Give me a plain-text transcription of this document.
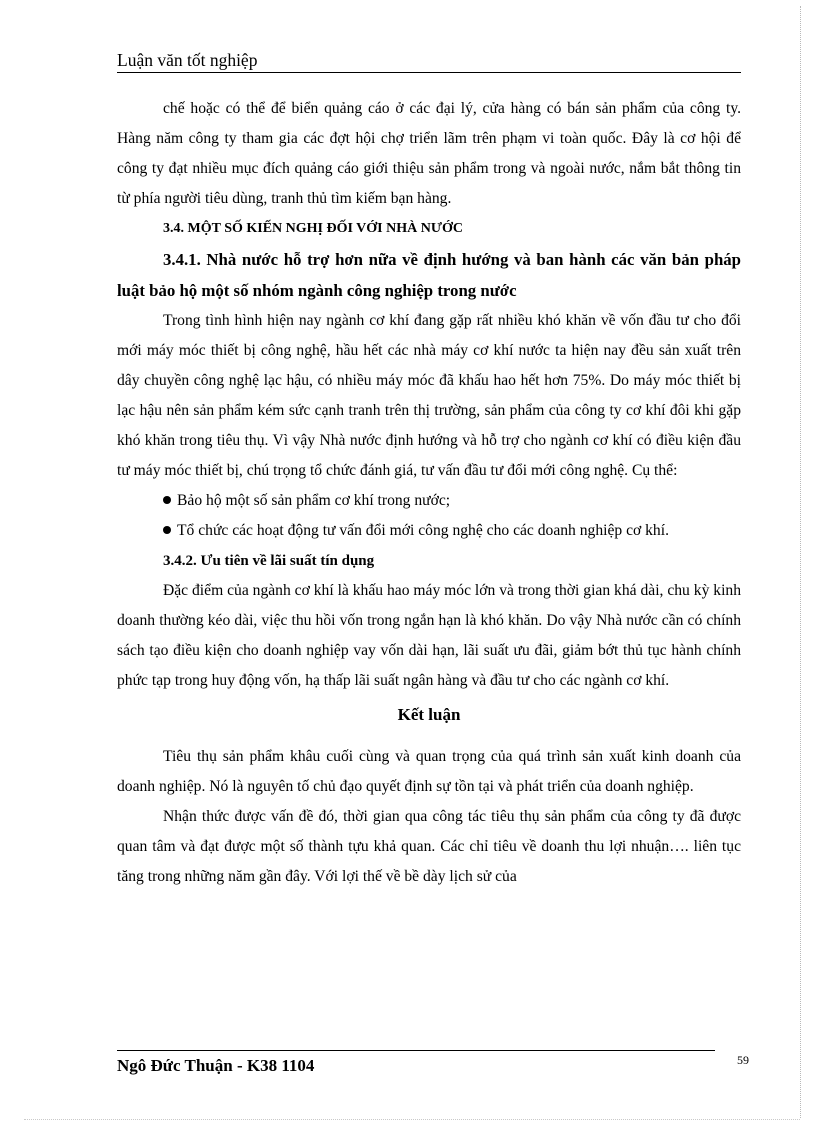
Luận văn tốt nghiệp

chế hoặc có thể để biển quảng cáo ở các đại lý, cửa hàng có bán sản phẩm của công ty. Hàng năm công ty tham gia các đợt hội chợ triển lãm trên phạm vi toàn quốc. Đây là cơ hội để công ty đạt nhiều mục đích quảng cáo giới thiệu sản phẩm trong và ngoài nước, nắm bắt thông tin từ phía người tiêu dùng, tranh thủ tìm kiếm bạn hàng.

3.4. MỘT SỐ KIẾN NGHỊ ĐỐI VỚI NHÀ NƯỚC

3.4.1. Nhà nước hỗ trợ hơn nữa về định hướng và ban hành các văn bản pháp luật bảo hộ một số nhóm ngành công nghiệp trong nước

Trong tình hình hiện nay ngành cơ khí đang gặp rất nhiều khó khăn về vốn đầu tư cho đổi mới máy móc thiết bị công nghệ, hầu hết các nhà máy cơ khí nước ta hiện nay đều sản xuất trên dây chuyền công nghệ lạc hậu, có nhiều máy móc đã khấu hao hết hơn 75%. Do máy móc thiết bị lạc hậu nên sản phẩm kém sức cạnh tranh trên thị trường, sản phẩm của công ty cơ khí đôi khi gặp khó khăn trong tiêu thụ. Vì vậy Nhà nước định hướng và hỗ trợ cho ngành cơ khí có điều kiện đầu tư máy móc thiết bị, chú trọng tổ chức đánh giá, tư vấn đầu tư đổi mới công nghệ. Cụ thể:

Bảo hộ một số sản phẩm cơ khí trong nước;

Tổ chức các hoạt động tư vấn đổi mới công nghệ cho các doanh nghiệp cơ khí.

3.4.2. Ưu tiên về lãi suất tín dụng

Đặc điểm của ngành cơ khí là khấu hao máy móc lớn và trong thời gian khá dài, chu kỳ kinh doanh thường kéo dài, việc thu hồi vốn trong ngắn hạn là khó khăn. Do vậy Nhà nước cần có chính sách tạo điều kiện cho doanh nghiệp vay vốn dài hạn, lãi suất ưu đãi, giảm bớt thủ tục hành chính phức tạp trong huy động vốn, hạ thấp lãi suất ngân hàng và đầu tư cho các ngành cơ khí.

Kết luận

Tiêu thụ sản phẩm khâu cuối cùng và quan trọng của quá trình sản xuất kinh doanh của doanh nghiệp. Nó là nguyên tố chủ đạo quyết định sự tồn tại và phát triển của doanh nghiệp.

Nhận thức được vấn đề đó, thời gian qua công tác tiêu thụ sản phẩm của công ty đã được quan tâm và đạt được một số thành tựu khả quan. Các chỉ tiêu về doanh thu lợi nhuận…. liên tục tăng trong những năm gần đây. Với lợi thế về bề dày lịch sử của

Ngô Đức Thuận - K38 1104	59
